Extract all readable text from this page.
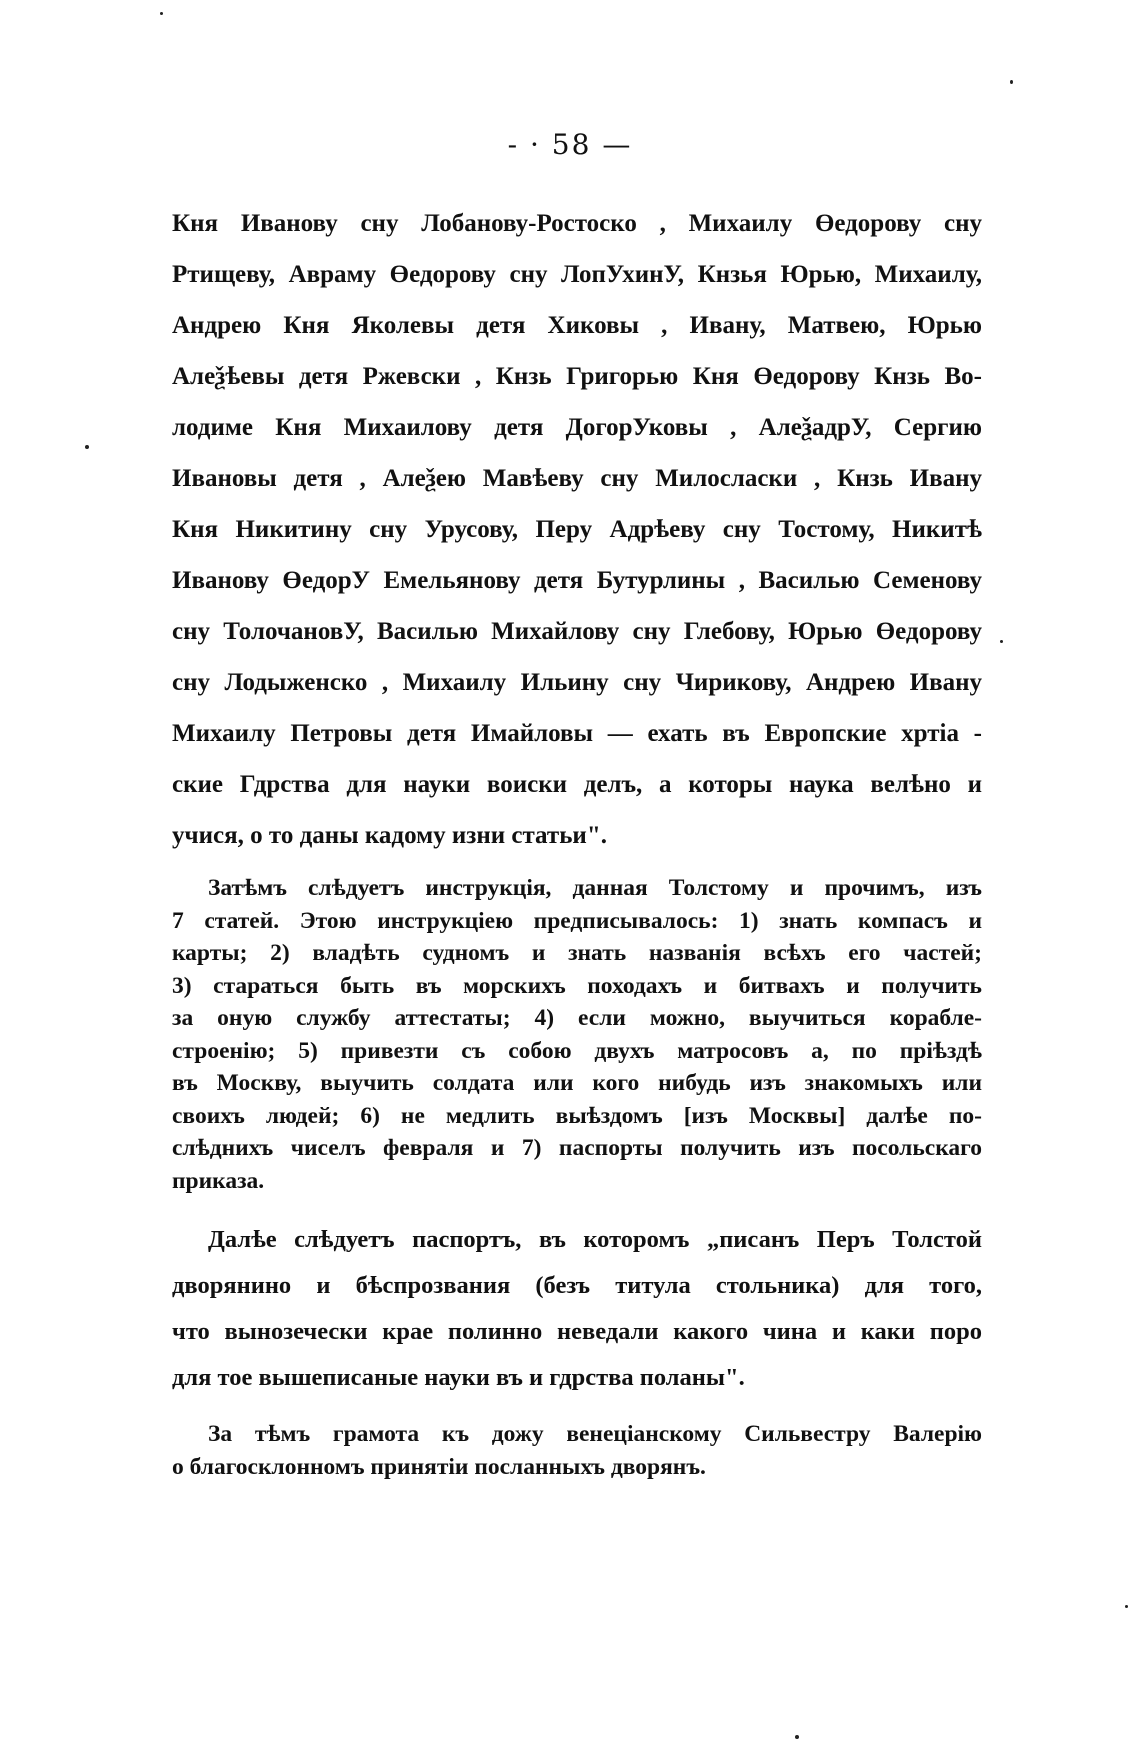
- · 58 —
Кня Иванову сну Лобанову-Ростоско , Михаилу Өедорову сну
Ртищеву, Авраму Өедорову сну ЛопУхинУ, Кнзья Юрью, Михаилу,
Андрею Кня Яколевы детя Хиковы , Ивану, Матвею, Юрью
Алеѯѣевы детя Ржевски , Кнзь Григорью Кня Өедорову Кнзь Во-
лодиме Кня Михаилову детя ДогорУковы , АлеѯадрУ, Сергию
Ивановы детя , Алеѯею Мавѣеву сну Милосласки , Кнзь Ивану
Кня Никитину сну Урусову, Перу Адрѣеву сну Тостому, Никитѣ
Иванову ӨедорУ Емельянову детя Бутурлины , Василью Семенову
сну ТолочановУ, Василью Михайлову сну Глебову, Юрью Өедорову
сну Лодыженско , Михаилу Ильину сну Чирикову, Андрею Ивану
Михаилу Петровы детя Имайловы — ехать въ Европскиe хртіа -
скиe Гдрства для науки воиски делъ, а которы наука велѣно и
учися, о то даны кадому изни статьи".
Затѣмъ слѣдуетъ инструкція, данная Толстому и прочимъ, изъ
7 статей. Этою инструкціею предписывалось: 1) знать компасъ и
карты; 2) владѣть судномъ и знать названія всѣхъ его частей;
3) стараться быть въ морскихъ походахъ и битвахъ и получить
за оную службу аттестаты; 4) если можно, выучиться корабле-
строенію; 5) привезти съ собою двухъ матросовъ а, по пріѣздѣ
въ Москву, выучить солдата или кого нибудь изъ знакомыхъ или
своихъ людей; 6) не медлить выѣздомъ [изъ Москвы] далѣе по-
слѣднихъ чиселъ февраля и 7) паспорты получить изъ посольскаго
приказа.
Далѣе слѣдуетъ паспортъ, въ которомъ „писанъ Перъ Толстой
дворянино и бѣспрозвания (безъ титула стольника) для того,
что вынозечески крае полинно неведали какого чина и каки поро
для тое вышеписаные науки въ и гдрства поланы".
За тѣмъ грамота къ дожу венеціанскому Сильвестру Валерію
о благосклонномъ принятіи посланныхъ дворянъ.
